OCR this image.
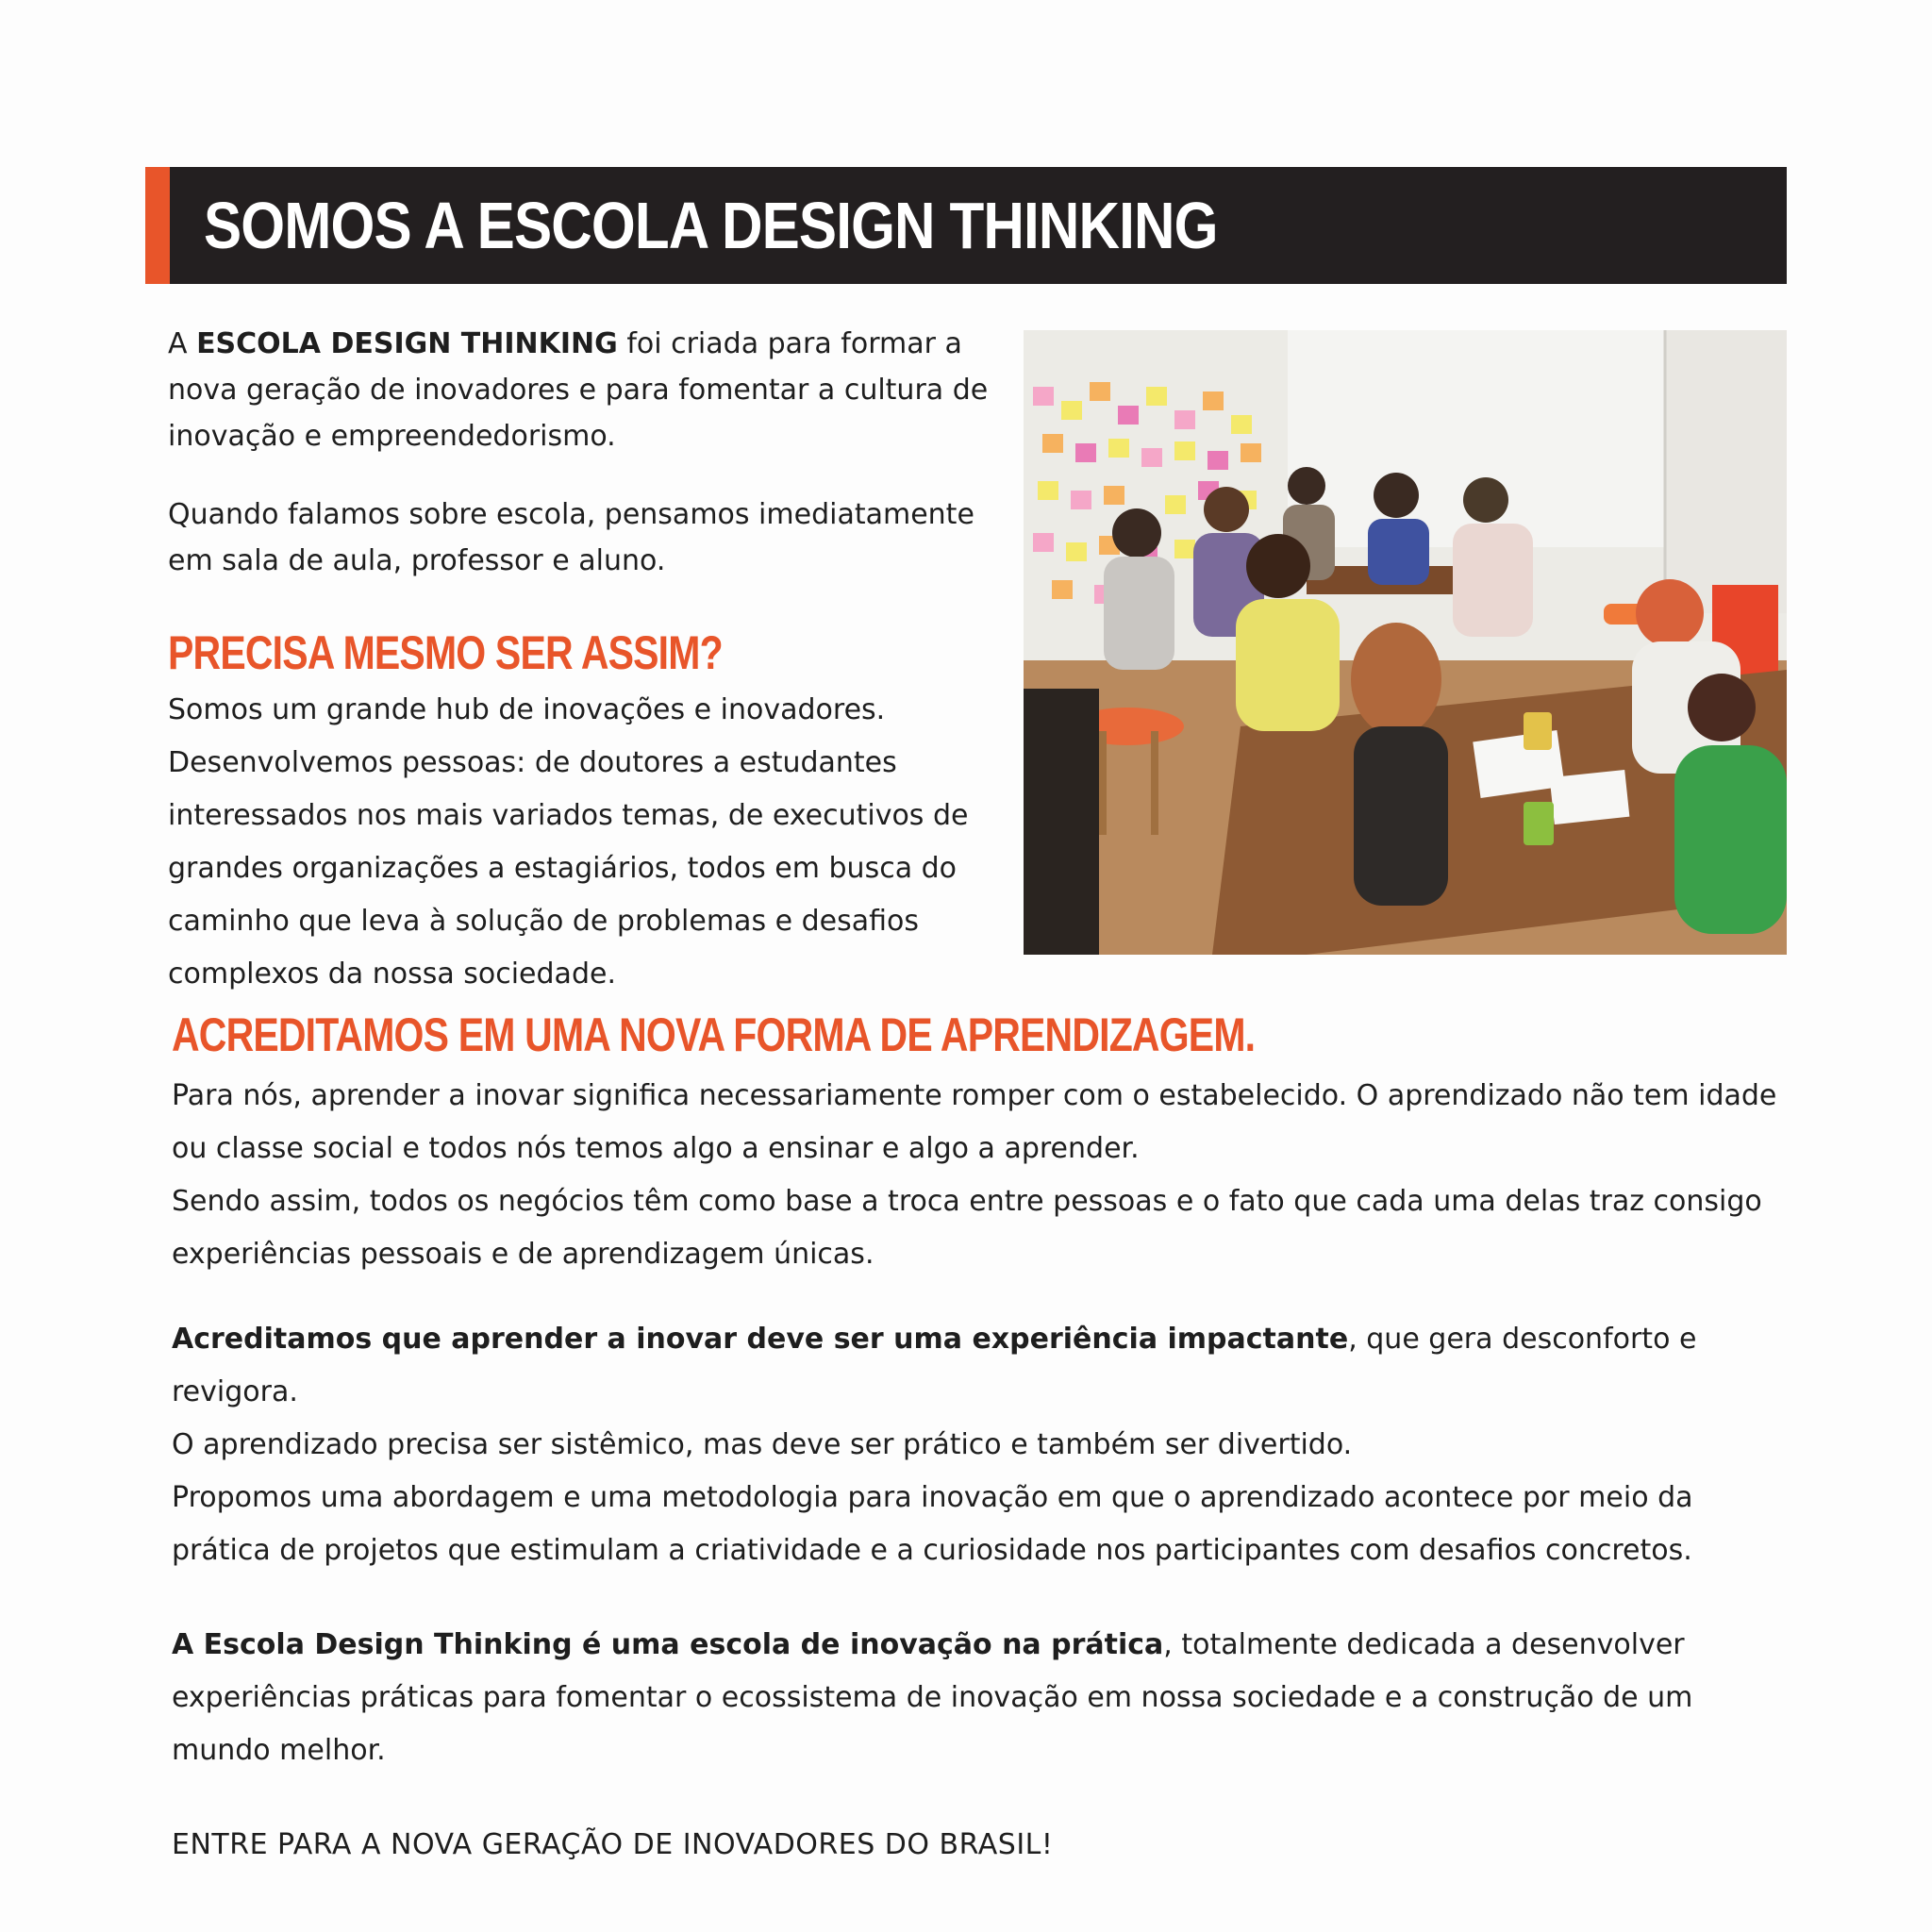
SOMOS A ESCOLA DESIGN THINKING

A ESCOLA DESIGN THINKING foi criada para formar a nova geração de inovadores e para fomentar a cultura de inovação e empreendedorismo.

Quando falamos sobre escola, pensamos imediatamente em sala de aula, professor e aluno.

PRECISA MESMO SER ASSIM?

Somos um grande hub de inovações e inovadores. Desenvolvemos pessoas: de doutores a estudantes interessados nos mais variados temas, de executivos de grandes organizações a estagiários, todos em busca do caminho que leva à solução de problemas e desafios complexos da nossa sociedade.

ACREDITAMOS EM UMA NOVA FORMA DE APRENDIZAGEM.

Para nós, aprender a inovar significa necessariamente romper com o estabelecido. O aprendizado não tem idade ou classe social e todos nós temos algo a ensinar e algo a aprender.

Sendo assim, todos os negócios têm como base a troca entre pessoas e o fato que cada uma delas traz consigo experiências pessoais e de aprendizagem únicas.

Acreditamos que aprender a inovar deve ser uma experiência impactante, que gera desconforto e revigora.

O aprendizado precisa ser sistêmico, mas deve ser prático e também ser divertido.

Propomos uma abordagem e uma metodologia para inovação em que o aprendizado acontece por meio da prática de projetos que estimulam a criatividade e a curiosidade nos participantes com desafios concretos.

A Escola Design Thinking é uma escola de inovação na prática, totalmente dedicada a desenvolver experiências práticas para fomentar o ecossistema de inovação em nossa sociedade e a construção de um mundo melhor.

ENTRE PARA A NOVA GERAÇÃO DE INOVADORES DO BRASIL!
